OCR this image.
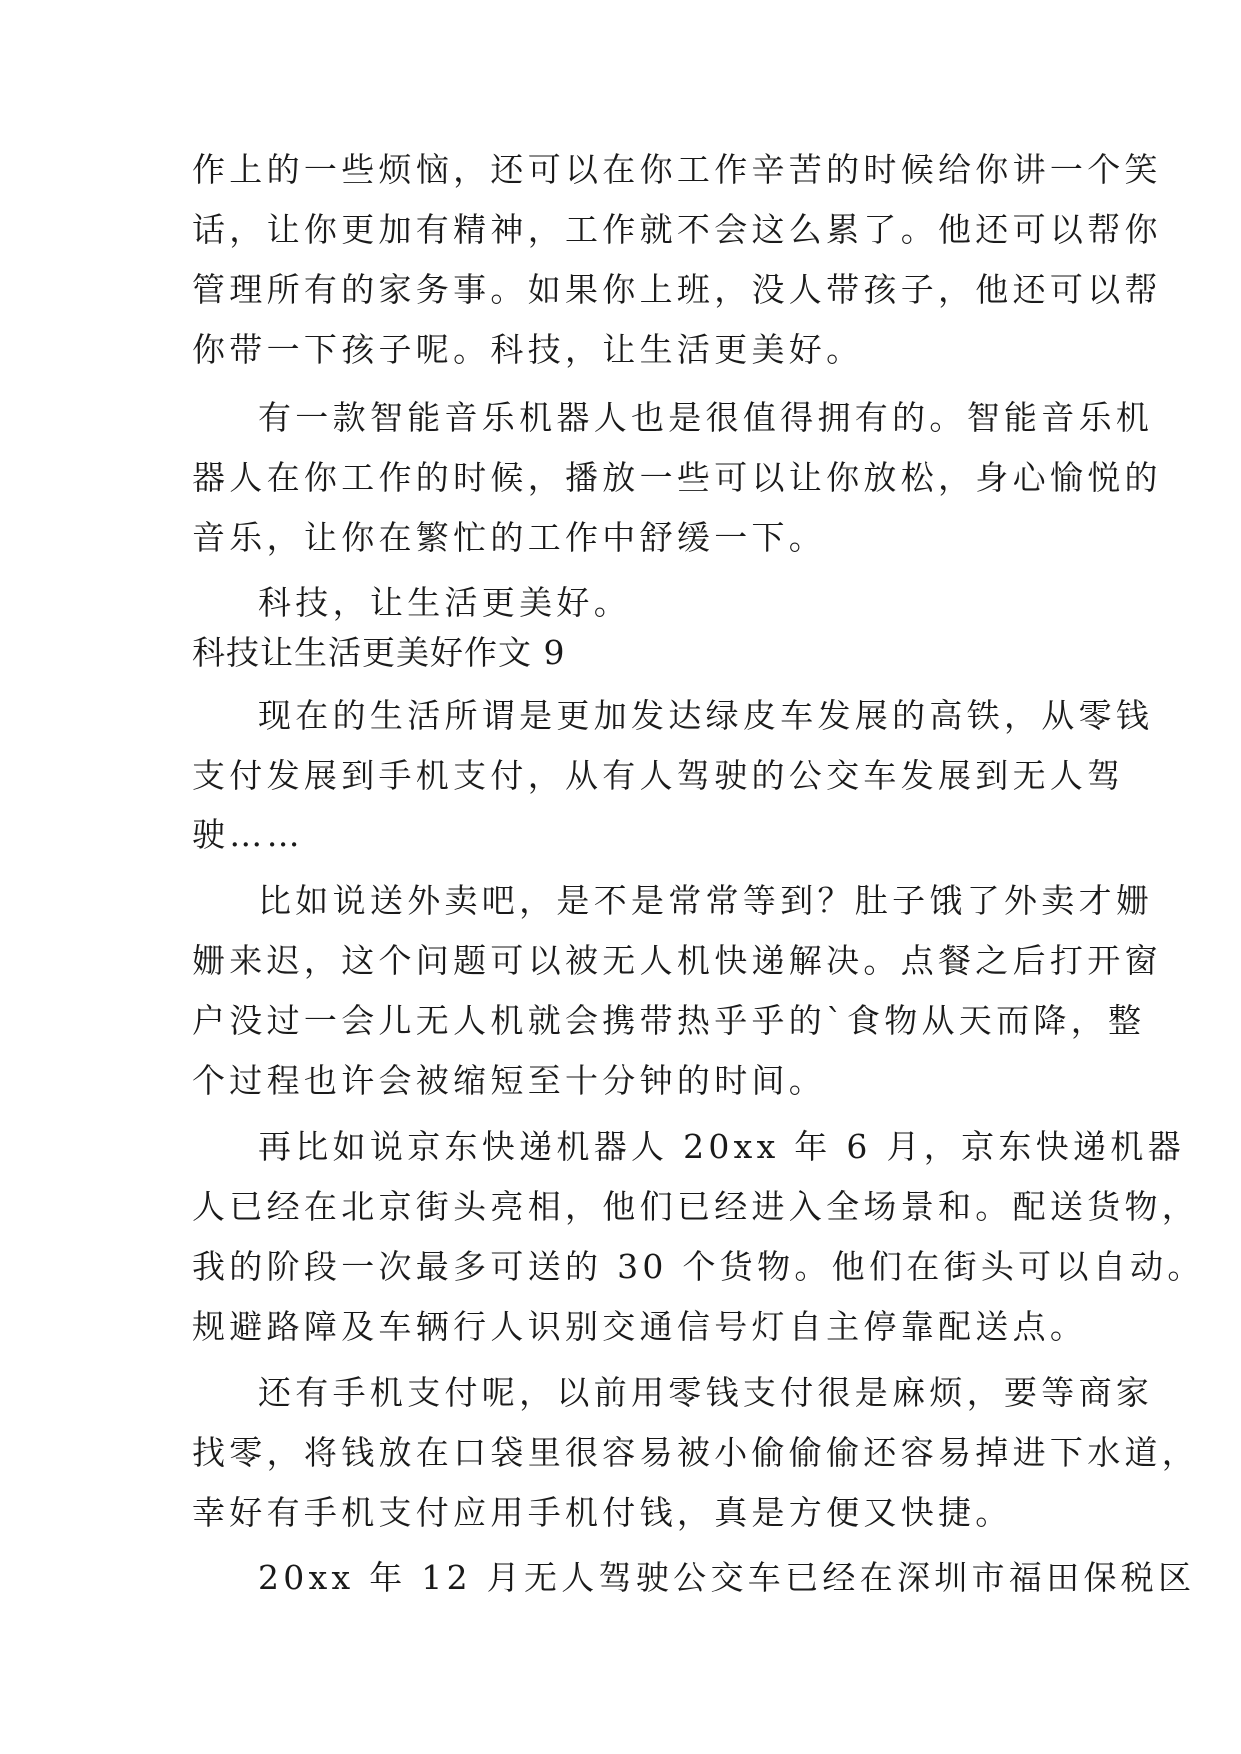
作上的一些烦恼，还可以在你工作辛苦的时候给你讲一个笑

话，让你更加有精神，工作就不会这么累了。他还可以帮你

管理所有的家务事。如果你上班，没人带孩子，他还可以帮

你带一下孩子呢。科技，让生活更美好。

有一款智能音乐机器人也是很值得拥有的。智能音乐机

器人在你工作的时候，播放一些可以让你放松，身心愉悦的

音乐，让你在繁忙的工作中舒缓一下。

科技，让生活更美好。

科技让生活更美好作文 9

现在的生活所谓是更加发达绿皮车发展的高铁，从零钱

支付发展到手机支付，从有人驾驶的公交车发展到无人驾

驶……

比如说送外卖吧，是不是常常等到？肚子饿了外卖才姗

姗来迟，这个问题可以被无人机快递解决。点餐之后打开窗

户没过一会儿无人机就会携带热乎乎的`食物从天而降，整

个过程也许会被缩短至十分钟的时间。

再比如说京东快递机器人 20xx 年 6 月，京东快递机器

人已经在北京街头亮相，他们已经进入全场景和。配送货物，

我的阶段一次最多可送的 30 个货物。他们在街头可以自动。

规避路障及车辆行人识别交通信号灯自主停靠配送点。

还有手机支付呢，以前用零钱支付很是麻烦，要等商家

找零，将钱放在口袋里很容易被小偷偷偷还容易掉进下水道，

幸好有手机支付应用手机付钱，真是方便又快捷。

20xx 年 12 月无人驾驶公交车已经在深圳市福田保税区
